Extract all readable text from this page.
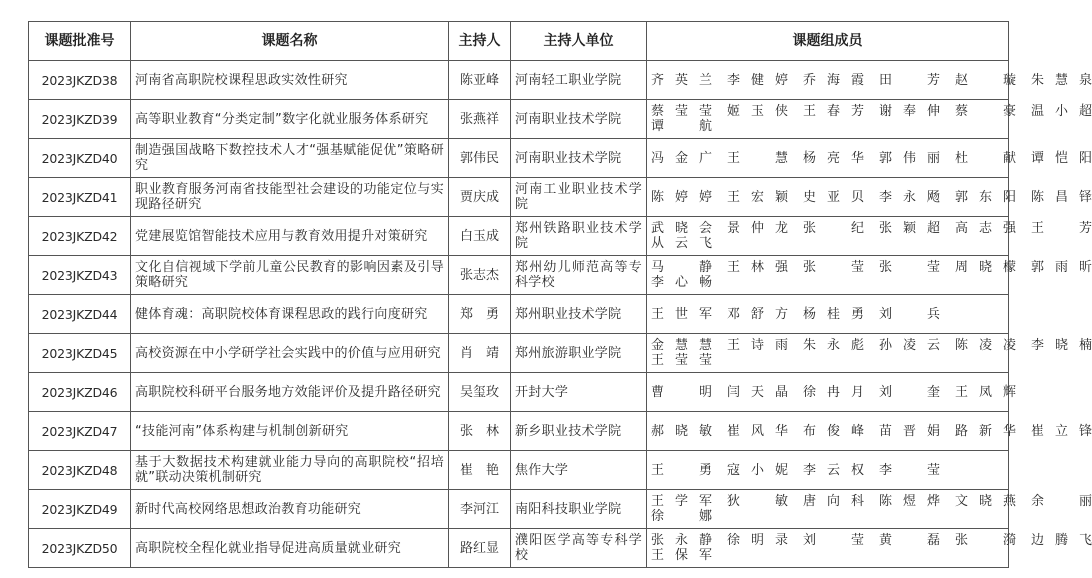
课题批准号	课题名称	主持人	主持人单位	课题组成员
2023JKZD38	河南省高职院校课程思政实效性研究	陈亚峰	河南轻工职业学院	齐英兰 李健婷 乔海霞 田　芳 赵　璇 朱慧泉

2023JKZD39	高等职业教育“分类定制”数字化就业服务体系研究	张燕祥	河南职业技术学院	蔡莹莹 姬玉侠 王春芳 谢奉伸 蔡　豪 温小超
谭　航

2023JKZD40	制造强国战略下数控技术人才“强基赋能促优”策略研究	郭伟民	河南职业技术学院	冯金广 王　慧 杨亮华 郭伟丽 杜　献 谭恺阳

2023JKZD41	职业教育服务河南省技能型社会建设的功能定位与实现路径研究	贾庆成	河南工业职业技术学院	陈婷婷 王宏颖 史亚贝 李永飏 郭东阳 陈昌铎

2023JKZD42	党建展览馆智能技术应用与教育效用提升对策研究	白玉成	郑州铁路职业技术学院	武晓会 景仲龙 张　纪 张颖超 高志强 王　芳
从云飞

2023JKZD43	文化自信视域下学前儿童公民教育的影响因素及引导策略研究	张志杰	郑州幼儿师范高等专科学校	马　静 王林强 张　莹 张　莹 周晓檬 郭雨昕
李心畅

2023JKZD44	健体育魂：高职院校体育课程思政的践行向度研究	郑　勇	郑州职业技术学院	王世军 邓舒方 杨桂勇 刘　兵

2023JKZD45	高校资源在中小学研学社会实践中的价值与应用研究	肖　靖	郑州旅游职业学院	金慧慧 王诗雨 朱永彪 孙凌云 陈凌凌 李晓楠
王莹莹

2023JKZD46	高职院校科研平台服务地方效能评价及提升路径研究	吴玺玫	开封大学	曹　明 闫天晶 徐冉月 刘　奎 王凤辉

2023JKZD47	“技能河南”体系构建与机制创新研究	张　林	新乡职业技术学院	郝晓敏 崔风华 布俊峰 苗晋娟 路新华 崔立锋

2023JKZD48	基于大数据技术构建就业能力导向的高职院校“招培就”联动决策机制研究	崔　艳	焦作大学	王　勇 寇小妮 李云权 李　莹

2023JKZD49	新时代高校网络思想政治教育功能研究	李河江	南阳科技职业学院	王学军 狄　敏 唐向科 陈煜烨 文晓燕 余　丽
徐　娜

2023JKZD50	高职院校全程化就业指导促进高质量就业研究	路红显	濮阳医学高等专科学校	张永静 徐明录 刘　莹 黄　磊 张　漪 边腾飞
王保军
